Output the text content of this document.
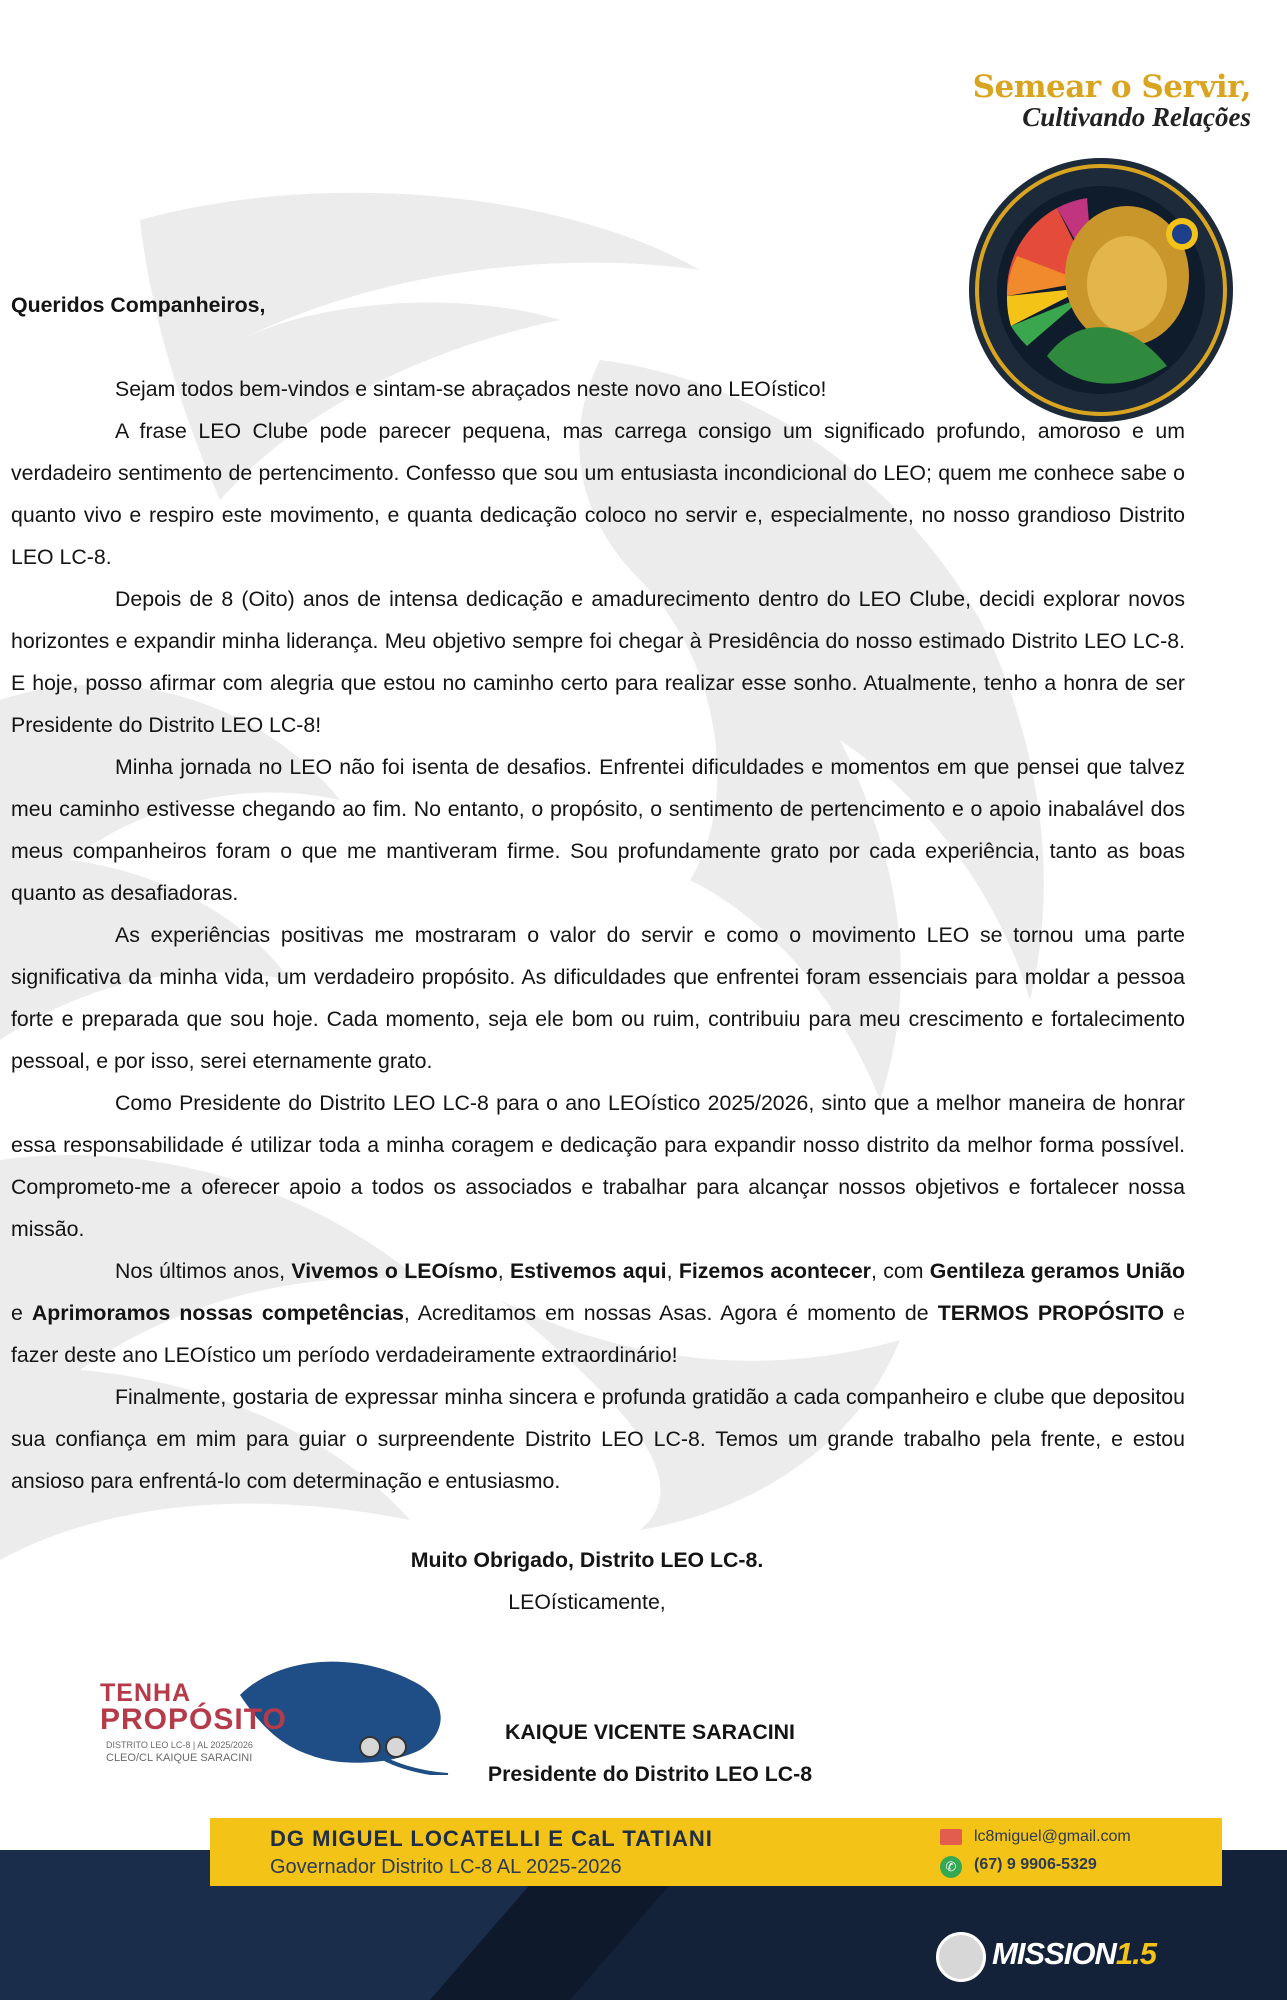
Semear o Servir,
Cultivando Relações

Queridos Companheiros,

Sejam todos bem-vindos e sintam-se abraçados neste novo ano LEOístico!

A frase LEO Clube pode parecer pequena, mas carrega consigo um significado profundo, amoroso e um verdadeiro sentimento de pertencimento. Confesso que sou um entusiasta incondicional do LEO; quem me conhece sabe o quanto vivo e respiro este movimento, e quanta dedicação coloco no servir e, especialmente, no nosso grandioso Distrito LEO LC-8.

Depois de 8 (Oito) anos de intensa dedicação e amadurecimento dentro do LEO Clube, decidi explorar novos horizontes e expandir minha liderança. Meu objetivo sempre foi chegar à Presidência do nosso estimado Distrito LEO LC-8. E hoje, posso afirmar com alegria que estou no caminho certo para realizar esse sonho. Atualmente, tenho a honra de ser Presidente do Distrito LEO LC-8!

Minha jornada no LEO não foi isenta de desafios. Enfrentei dificuldades e momentos em que pensei que talvez meu caminho estivesse chegando ao fim. No entanto, o propósito, o sentimento de pertencimento e o apoio inabalável dos meus companheiros foram o que me mantiveram firme. Sou profundamente grato por cada experiência, tanto as boas quanto as desafiadoras.

As experiências positivas me mostraram o valor do servir e como o movimento LEO se tornou uma parte significativa da minha vida, um verdadeiro propósito. As dificuldades que enfrentei foram essenciais para moldar a pessoa forte e preparada que sou hoje. Cada momento, seja ele bom ou ruim, contribuiu para meu crescimento e fortalecimento pessoal, e por isso, serei eternamente grato.

Como Presidente do Distrito LEO LC-8 para o ano LEOístico 2025/2026, sinto que a melhor maneira de honrar essa responsabilidade é utilizar toda a minha coragem e dedicação para expandir nosso distrito da melhor forma possível. Comprometo-me a oferecer apoio a todos os associados e trabalhar para alcançar nossos objetivos e fortalecer nossa missão.

Nos últimos anos, Vivemos o LEOísmo, Estivemos aqui, Fizemos acontecer, com Gentileza geramos União e Aprimoramos nossas competências, Acreditamos em nossas Asas. Agora é momento de TERMOS PROPÓSITO e fazer deste ano LEOístico um período verdadeiramente extraordinário!

Finalmente, gostaria de expressar minha sincera e profunda gratidão a cada companheiro e clube que depositou sua confiança em mim para guiar o surpreendente Distrito LEO LC-8. Temos um grande trabalho pela frente, e estou ansioso para enfrentá-lo com determinação e entusiasmo.

Muito Obrigado, Distrito LEO LC-8.
LEOísticamente,
TENHA
PROPÓSITO
DISTRITO LEO LC-8 | AL 2025/2026
CLEO/CL KAIQUE SARACINI
KAIQUE VICENTE SARACINI
Presidente do Distrito LEO LC-8
DG MIGUEL LOCATELLI E CaL TATIANI
Governador Distrito LC-8 AL 2025-2026
lc8miguel@gmail.com
✆	(67) 9 9906-5329
MISSION1.5
